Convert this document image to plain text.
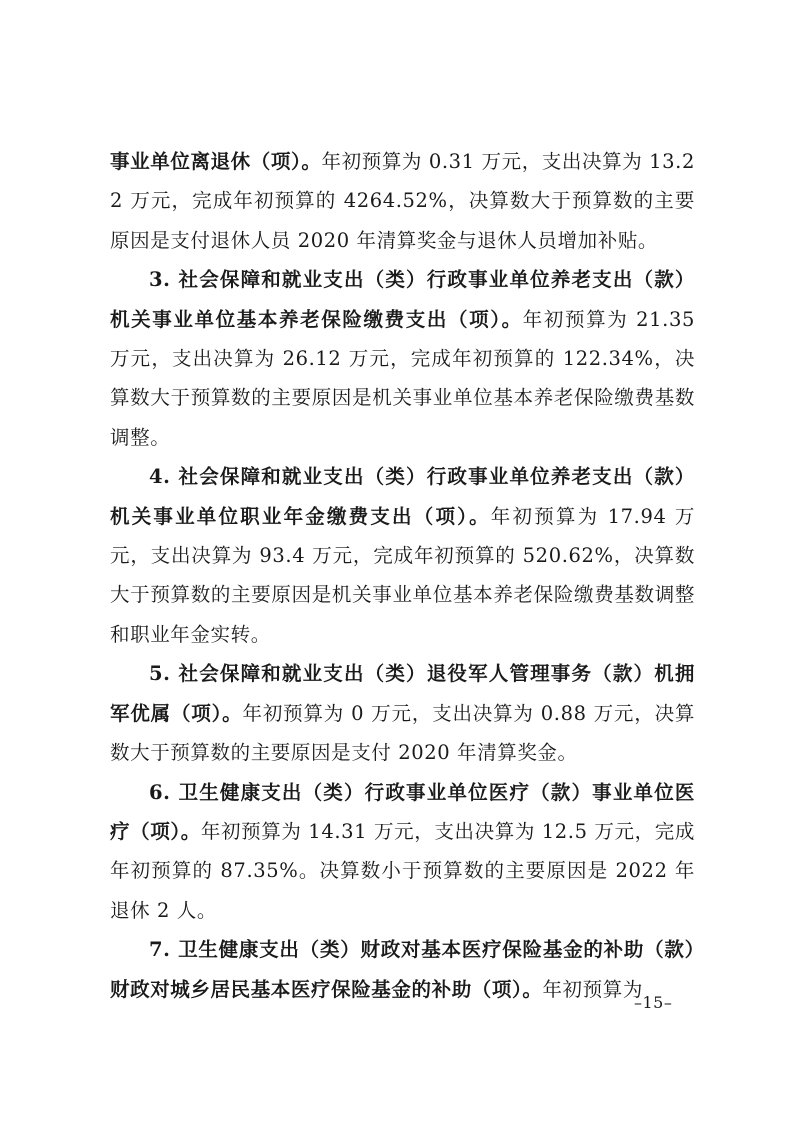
事业单位离退休（项）。年初预算为 0.31 万元，支出决算为 13.22 万元，完成年初预算的 4264.52%，决算数大于预算数的主要原因是支付退休人员 2020 年清算奖金与退休人员增加补贴。

3. 社会保障和就业支出（类）行政事业单位养老支出（款）机关事业单位基本养老保险缴费支出（项）。年初预算为 21.35 万元，支出决算为 26.12 万元，完成年初预算的 122.34%，决算数大于预算数的主要原因是机关事业单位基本养老保险缴费基数调整。

4. 社会保障和就业支出（类）行政事业单位养老支出（款）机关事业单位职业年金缴费支出（项）。年初预算为 17.94 万元，支出决算为 93.4 万元，完成年初预算的 520.62%，决算数大于预算数的主要原因是机关事业单位基本养老保险缴费基数调整和职业年金实转。

5. 社会保障和就业支出（类）退役军人管理事务（款）机拥军优属（项）。年初预算为 0 万元，支出决算为 0.88 万元，决算数大于预算数的主要原因是支付 2020 年清算奖金。

6. 卫生健康支出（类）行政事业单位医疗（款）事业单位医疗（项）。年初预算为 14.31 万元，支出决算为 12.5 万元，完成年初预算的 87.35%。决算数小于预算数的主要原因是 2022 年退休 2 人。

7. 卫生健康支出（类）财政对基本医疗保险基金的补助（款）财政对城乡居民基本医疗保险基金的补助（项）。年初预算为

–15–
